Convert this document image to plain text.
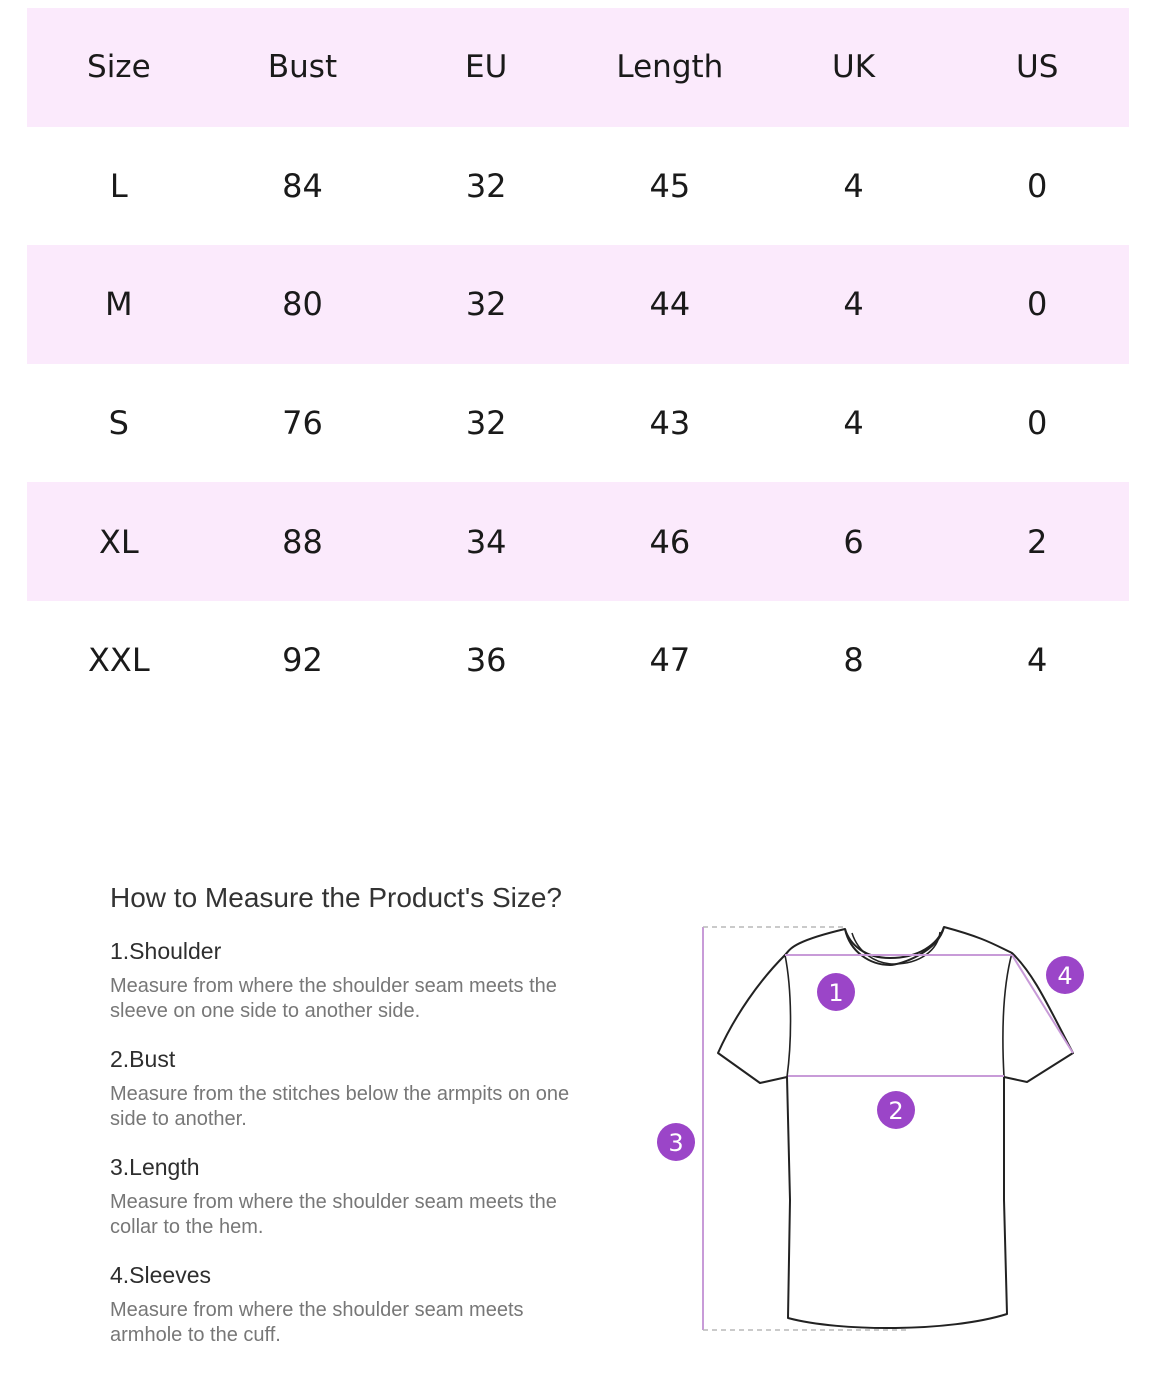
Size	Bust	EU	Length	UK	US
L	84	32	45	4	0
M	80	32	44	4	0
S	76	32	43	4	0
XL	88	34	46	6	2
XXL	92	36	47	8	4
How to Measure the Product's Size?
1.Shoulder
Measure from where the shoulder seam meets the sleeve on one side to another side.
2.Bust
Measure from the stitches below the armpits on one side to another.
3.Length
Measure from where the shoulder seam meets the collar to the hem.
4.Sleeves
Measure from where the shoulder seam meets armhole to the cuff.
1
2
3
4
